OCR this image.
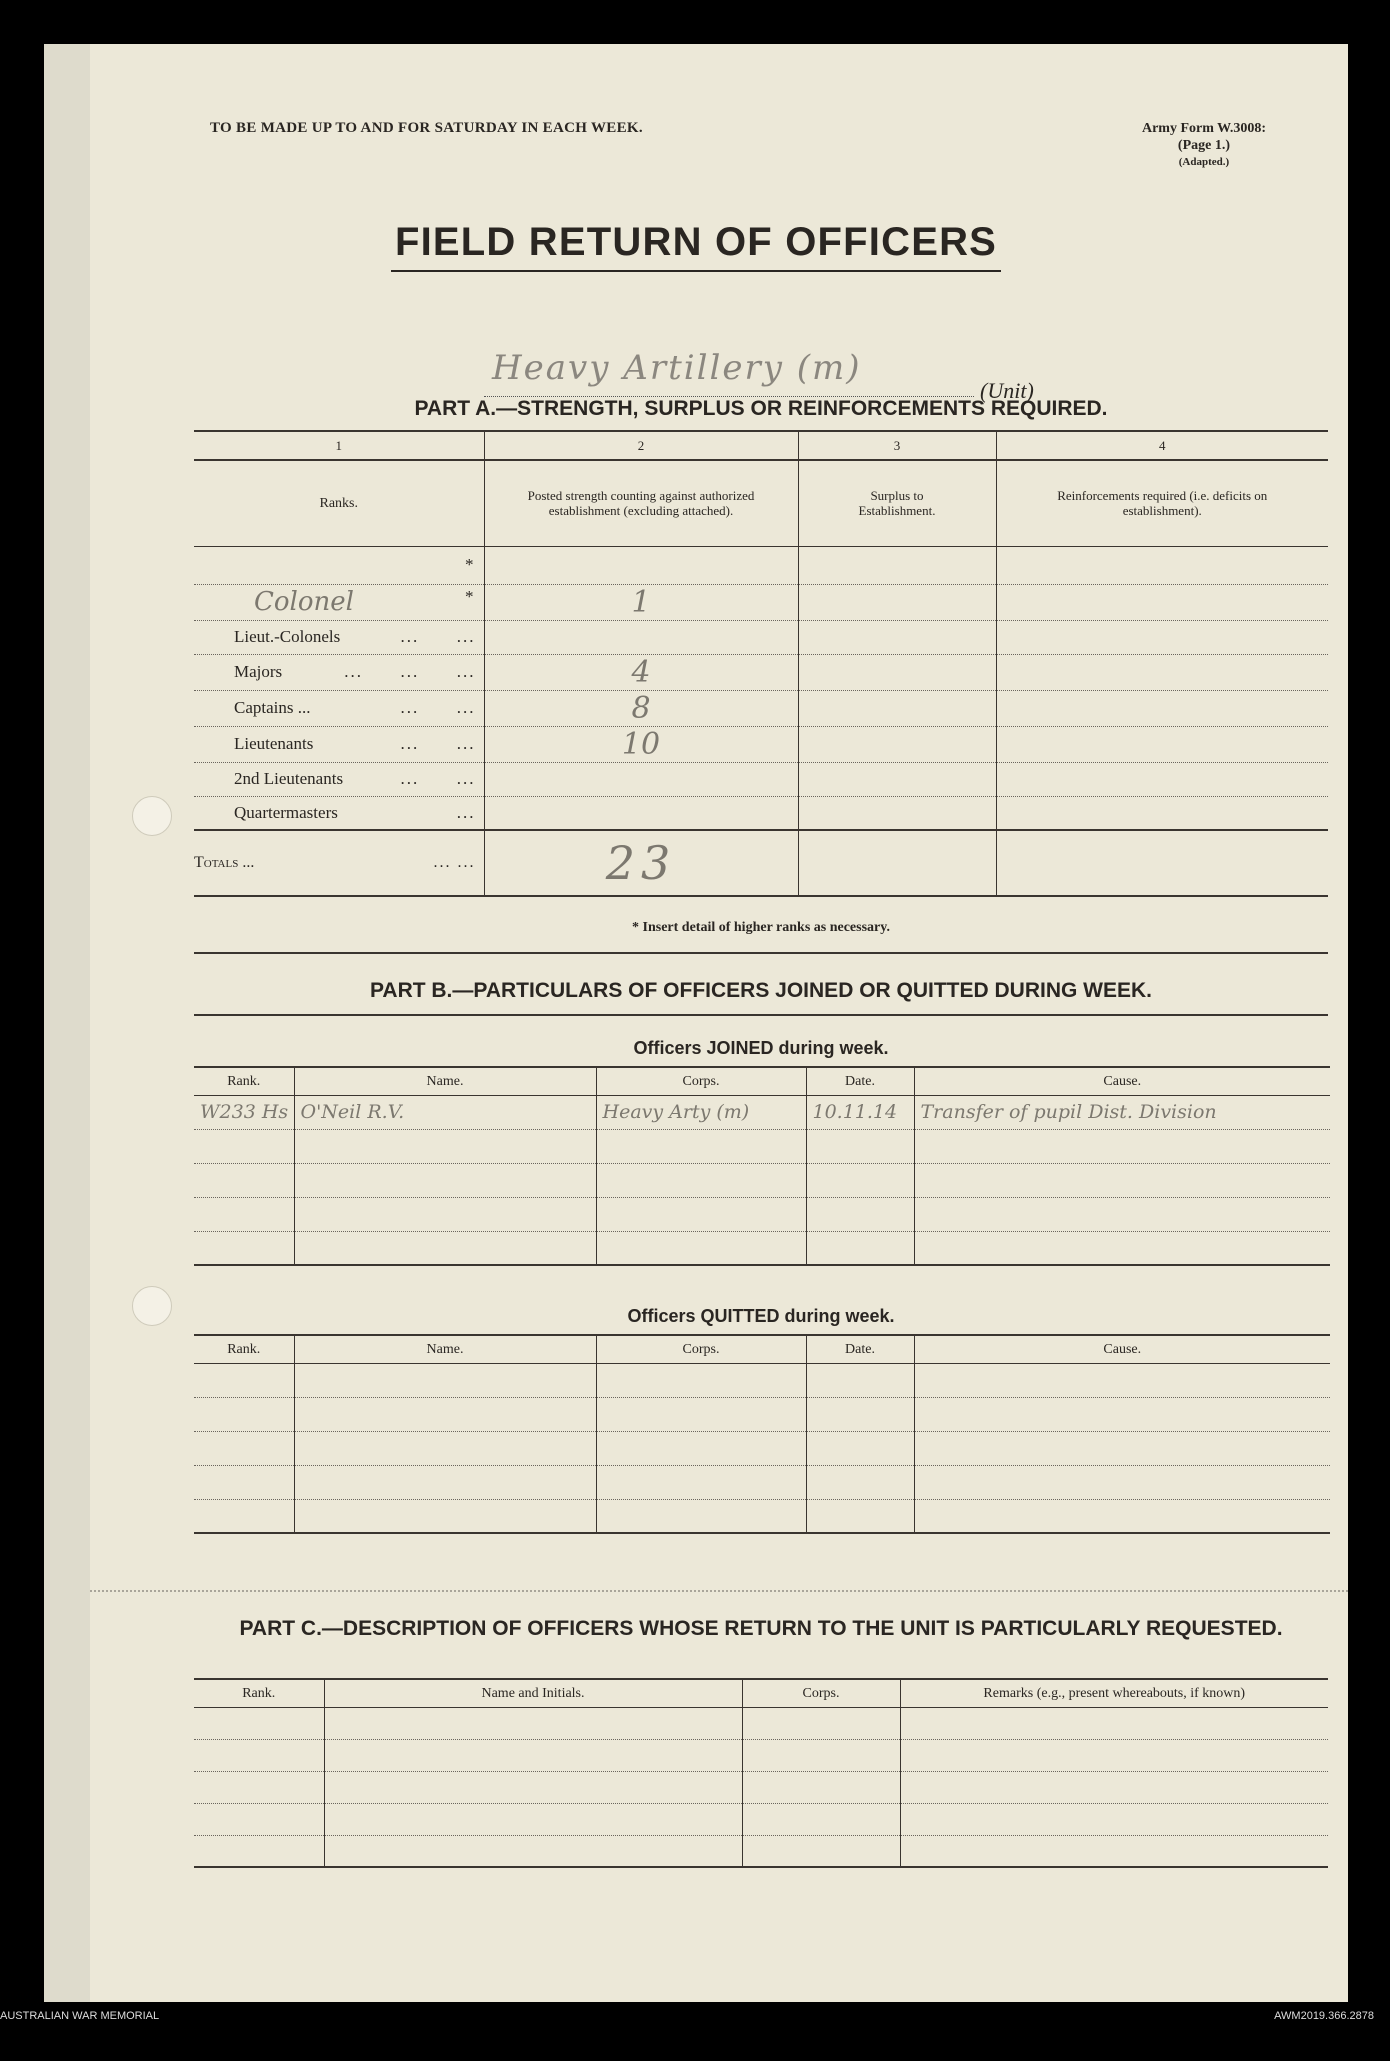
TO BE MADE UP TO AND FOR SATURDAY IN EACH WEEK.	Army Form W.3008:
(Page 1.)
(Adapted.)
FIELD RETURN OF OFFICERS
Heavy Artillery (m)
(Unit)
PART A.—STRENGTH, SURPLUS OR REINFORCEMENTS REQUIRED.
1	2	3	4
Ranks.	Posted strength counting against authorized establishment (excluding attached).	Surplus to Establishment.	Reinforcements required (i.e. deficits on establishment).

*			

Colonel *	1		
Lieut.-Colonels ...      ...			

Majors ...      ...      ...	4		
Captains ... ...      ...	8		
Lieutenants ...      ...	10		
2nd Lieutenants ...      ...			

Quartermasters ...			

Totals ... ... ...	23		
* Insert detail of higher ranks as necessary.
PART B.—PARTICULARS OF OFFICERS JOINED OR QUITTED DURING WEEK.
Officers JOINED during week.
Rank.	Name.	Corps.	Date.	Cause.

W233 Hs	O'Neil R.V.	Heavy Arty (m)	10.11.14	Transfer of pupil Dist. Division

Officers QUITTED during week.
Rank.	Name.	Corps.	Date.	Cause.

PART C.—DESCRIPTION OF OFFICERS WHOSE RETURN TO THE UNIT IS PARTICULARLY REQUESTED.
Rank.	Name and Initials.	Corps.	Remarks (e.g., present whereabouts, if known)

AUSTRALIAN WAR MEMORIAL	AWM2019.366.2878
